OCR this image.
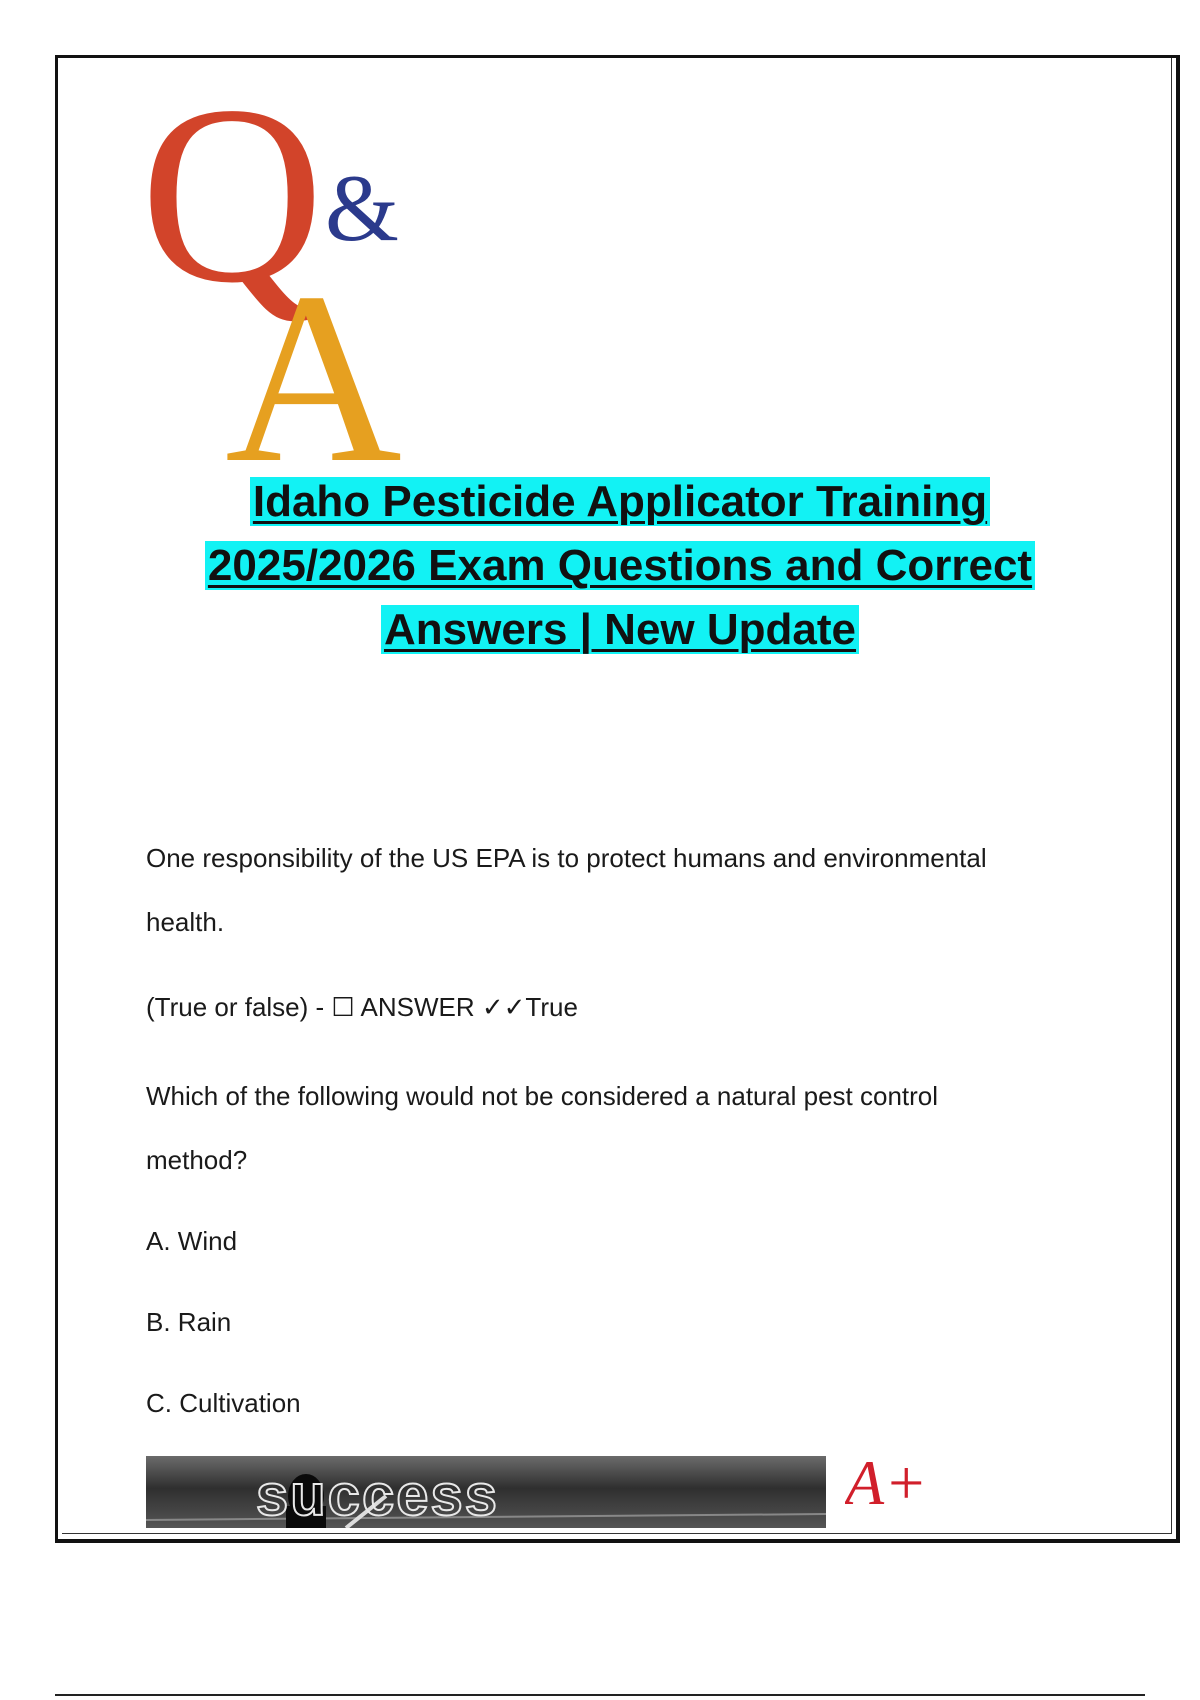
Q &
A
Idaho Pesticide Applicator Training
2025/2026 Exam Questions and Correct
Answers | New Update
One responsibility of the US EPA is to protect humans and environmental
health.
(True or false) - ☐ ANSWER ✓✓True
Which of the following would not be considered a natural pest control
method?
A. Wind
B. Rain
C. Cultivation
success	A+
